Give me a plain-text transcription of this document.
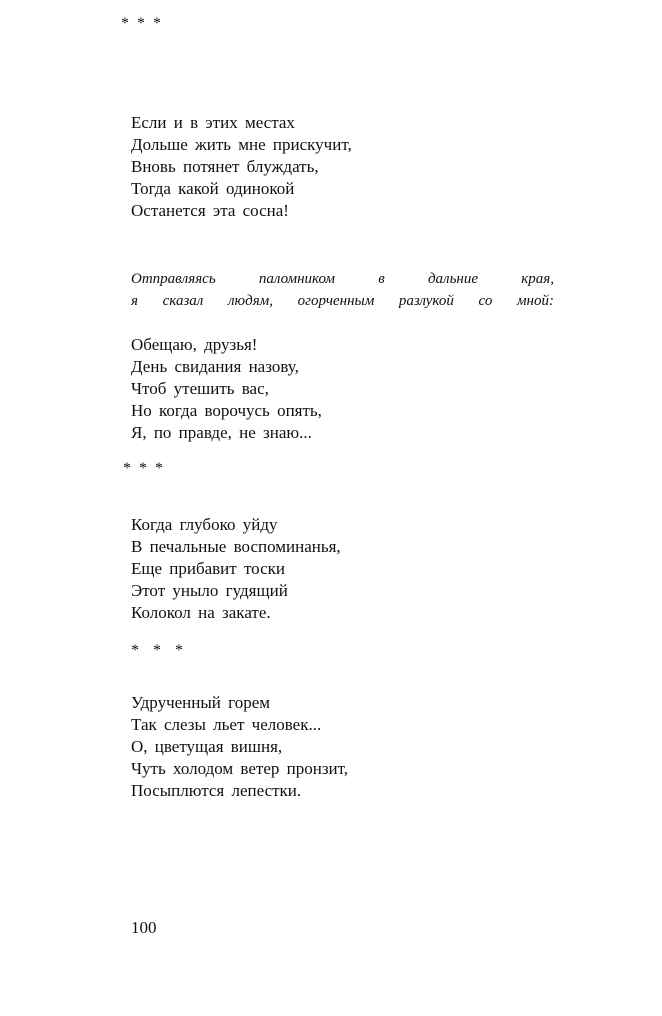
* * *
Если и в этих местах
Дольше жить мне прискучит,
Вновь потянет блуждать,
Тогда какой одинокой
Останется эта сосна!
Отправляясь паломником в дальние края,
я сказал людям, огорченным разлукой со мной:
Обещаю, друзья!
День свидания назову,
Чтоб утешить вас,
Но когда ворочусь опять,
Я, по правде, не знаю...
* * *
Когда глубоко уйду
В печальные воспоминанья,
Еще прибавит тоски
Этот уныло гудящий
Колокол на закате.
*  *  *
Удрученный горем
Так слезы льет человек...
О, цветущая вишня,
Чуть холодом ветер пронзит,
Посыплются лепестки.
100
